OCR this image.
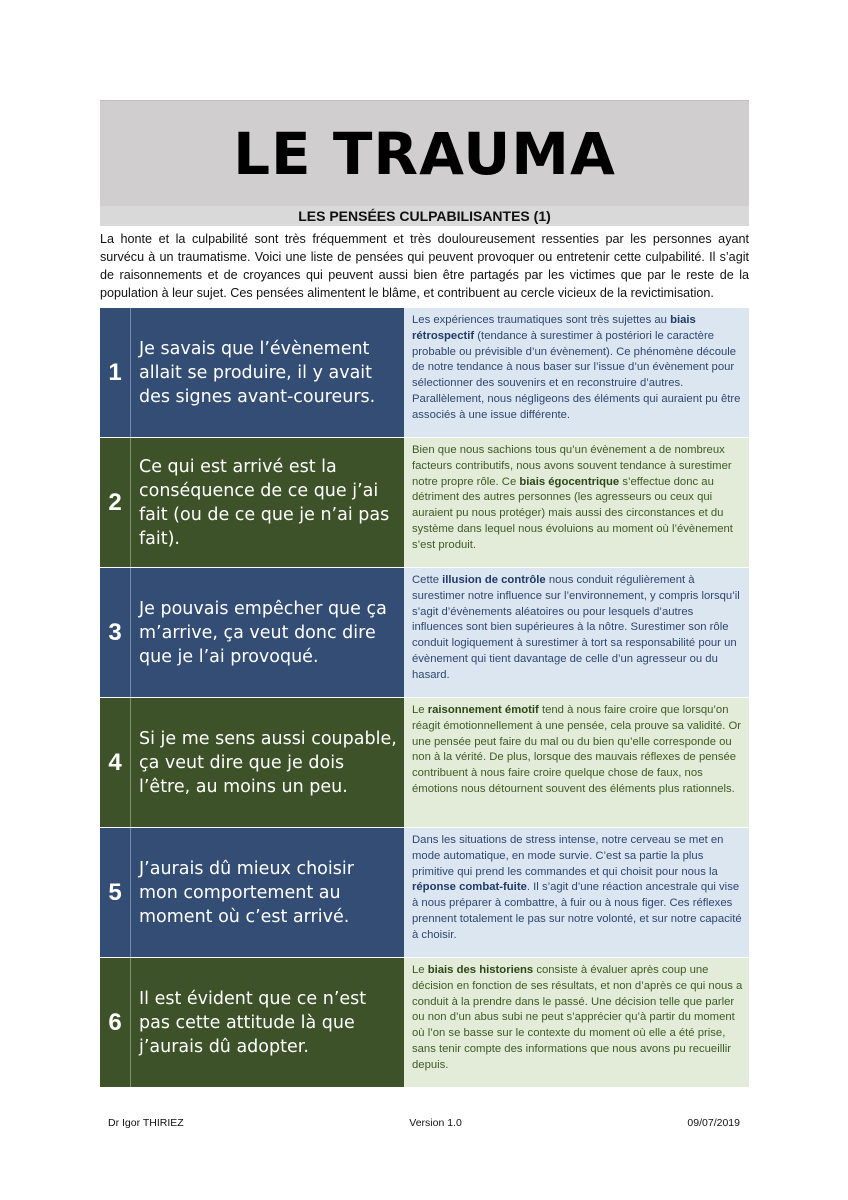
LE TRAUMA
LES PENSÉES CULPABILISANTES (1)

La honte et la culpabilité sont très fréquemment et très douloureusement ressenties par les personnes ayant survécu à un traumatisme. Voici une liste de pensées qui peuvent provoquer ou entretenir cette culpabilité. Il s’agit de raisonnements et de croyances qui peuvent aussi bien être partagés par les victimes que par le reste de la population à leur sujet. Ces pensées alimentent le blâme, et contribuent au cercle vicieux de la revictimisation.

1
Je savais que l’évènement allait se produire, il y avait des signes avant-coureurs.
Les expériences traumatiques sont très sujettes au biais rétrospectif (tendance à surestimer à postériori le caractère probable ou prévisible d’un évènement). Ce phénomène découle de notre tendance à nous baser sur l’issue d’un évènement pour sélectionner des souvenirs et en reconstruire d’autres. Parallèlement, nous négligeons des éléments qui auraient pu être associés à une issue différente.
2
Ce qui est arrivé est la conséquence de ce que j’ai fait (ou de ce que je n’ai pas fait).
Bien que nous sachions tous qu’un évènement a de nombreux facteurs contributifs, nous avons souvent tendance à surestimer notre propre rôle. Ce biais égocentrique s’effectue donc au détriment des autres personnes (les agresseurs ou ceux qui auraient pu nous protéger) mais aussi des circonstances et du système dans lequel nous évoluions au moment où l’évènement s’est produit.
3
Je pouvais empêcher que ça m’arrive, ça veut donc dire que je l’ai provoqué.
Cette illusion de contrôle nous conduit régulièrement à surestimer notre influence sur l’environnement, y compris lorsqu’il s’agit d’évènements aléatoires ou pour lesquels d’autres influences sont bien supérieures à la nôtre. Surestimer son rôle conduit logiquement à surestimer à tort sa responsabilité pour un évènement qui tient davantage de celle d’un agresseur ou du hasard.
4
Si je me sens aussi coupable, ça veut dire que je dois l’être, au moins un peu.
Le raisonnement émotif tend à nous faire croire que lorsqu’on réagit émotionnellement à une pensée, cela prouve sa validité. Or une pensée peut faire du mal ou du bien qu’elle corresponde ou non à la vérité. De plus, lorsque des mauvais réflexes de pensée contribuent à nous faire croire quelque chose de faux, nos émotions nous détournent souvent des éléments plus rationnels.
5
J’aurais dû mieux choisir mon comportement au moment où c’est arrivé.
Dans les situations de stress intense, notre cerveau se met en mode automatique, en mode survie. C’est sa partie la plus primitive qui prend les commandes et qui choisit pour nous la réponse combat-fuite. Il s’agit d’une réaction ancestrale qui vise à nous préparer à combattre, à fuir ou à nous figer. Ces réflexes prennent totalement le pas sur notre volonté, et sur notre capacité à choisir.
6
Il est évident que ce n’est pas cette attitude là que j’aurais dû adopter.
Le biais des historiens consiste à évaluer après coup une décision en fonction de ses résultats, et non d’après ce qui nous a conduit à la prendre dans le passé. Une décision telle que parler ou non d’un abus subi ne peut s’apprécier qu’à partir du moment où l’on se basse sur le contexte du moment où elle a été prise, sans tenir compte des informations que nous avons pu recueillir depuis.
Dr Igor THIRIEZ	Version 1.0	09/07/2019
